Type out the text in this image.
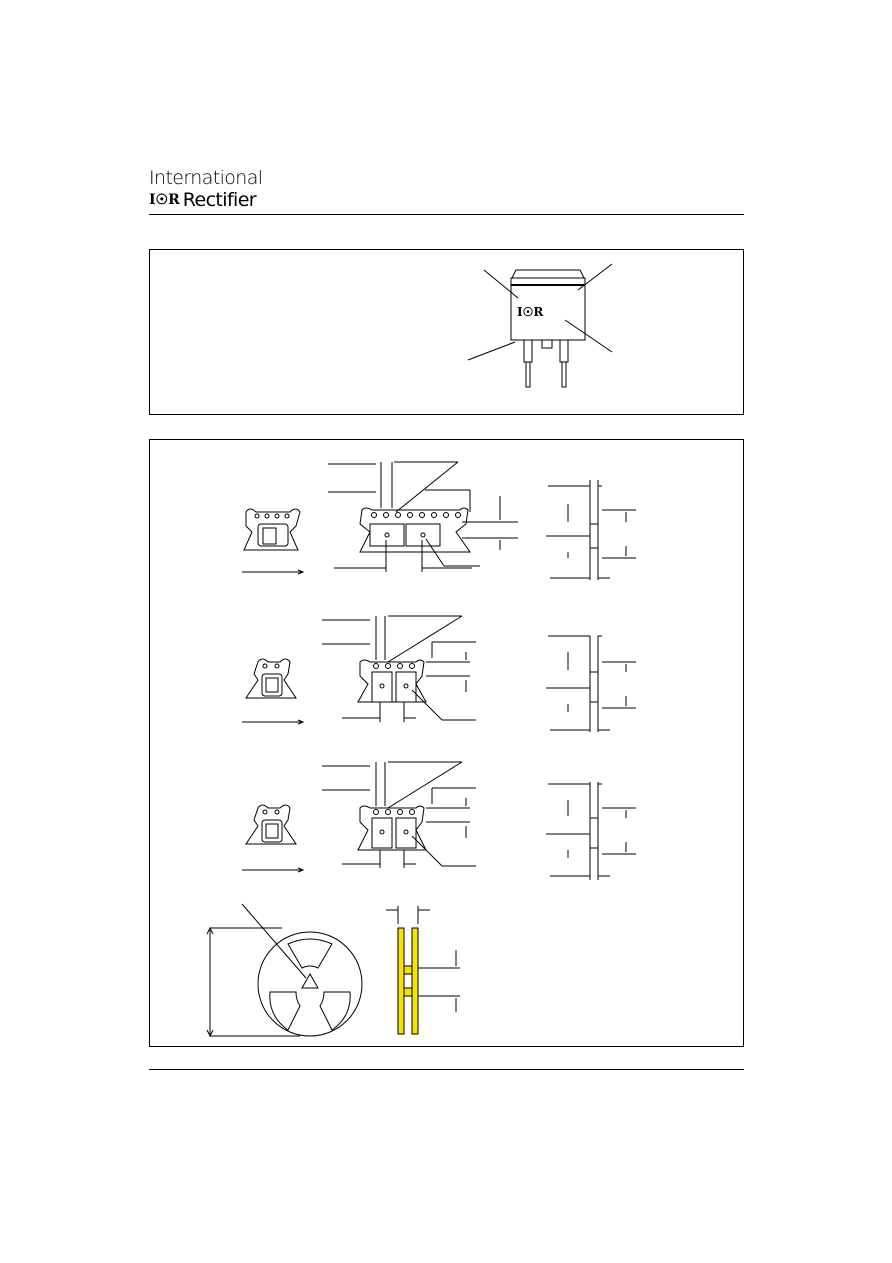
International
I☉R Rectifier
I☉R
